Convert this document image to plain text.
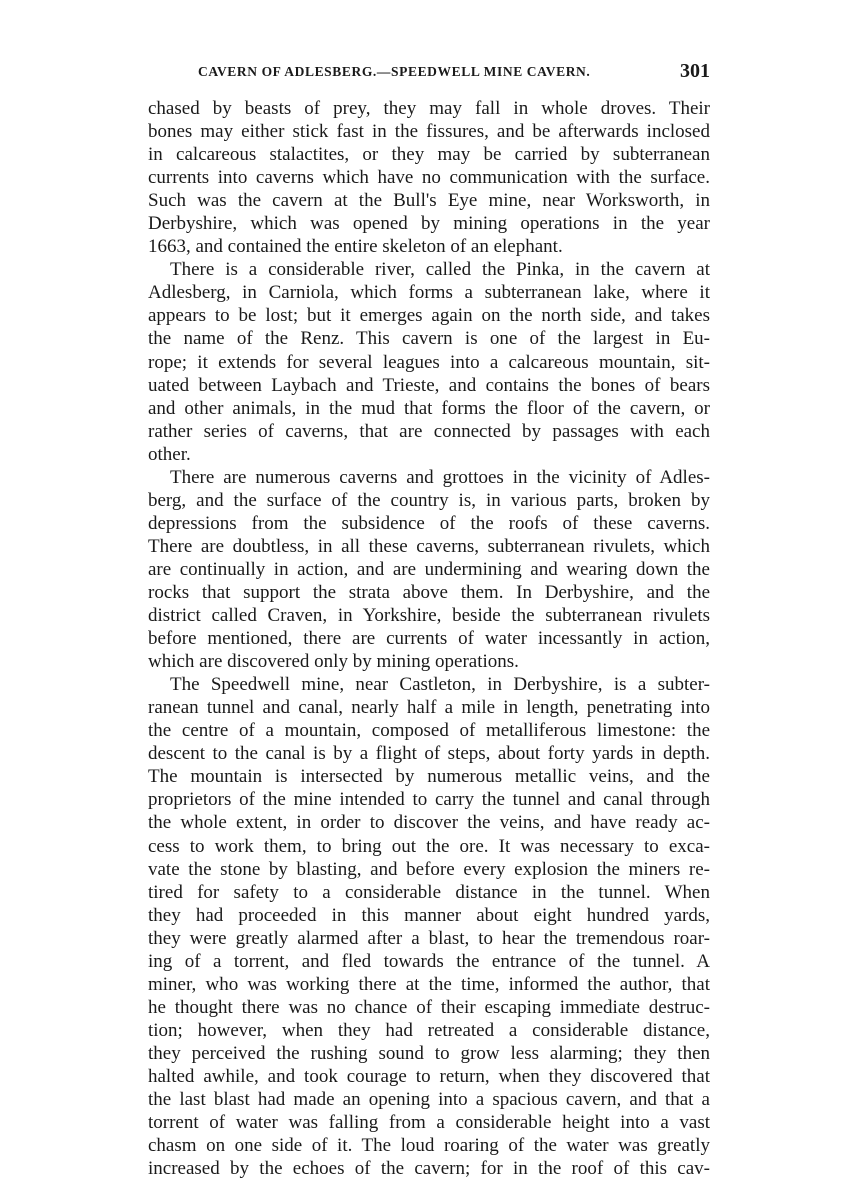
CAVERN OF ADLESBERG.—SPEEDWELL MINE CAVERN.	301
chased by beasts of prey, they may fall in whole droves. Their
bones may either stick fast in the fissures, and be afterwards inclosed
in calcareous stalactites, or they may be carried by subterranean
currents into caverns which have no communication with the surface.
Such was the cavern at the Bull's Eye mine, near Worksworth, in
Derbyshire, which was opened by mining operations in the year
1663, and contained the entire skeleton of an elephant.
There is a considerable river, called the Pinka, in the cavern at
Adlesberg, in Carniola, which forms a subterranean lake, where it
appears to be lost; but it emerges again on the north side, and takes
the name of the Renz. This cavern is one of the largest in Eu-
rope; it extends for several leagues into a calcareous mountain, sit-
uated between Laybach and Trieste, and contains the bones of bears
and other animals, in the mud that forms the floor of the cavern, or
rather series of caverns, that are connected by passages with each
other.
There are numerous caverns and grottoes in the vicinity of Adles-
berg, and the surface of the country is, in various parts, broken by
depressions from the subsidence of the roofs of these caverns.
There are doubtless, in all these caverns, subterranean rivulets, which
are continually in action, and are undermining and wearing down the
rocks that support the strata above them. In Derbyshire, and the
district called Craven, in Yorkshire, beside the subterranean rivulets
before mentioned, there are currents of water incessantly in action,
which are discovered only by mining operations.
The Speedwell mine, near Castleton, in Derbyshire, is a subter-
ranean tunnel and canal, nearly half a mile in length, penetrating into
the centre of a mountain, composed of metalliferous limestone: the
descent to the canal is by a flight of steps, about forty yards in depth.
The mountain is intersected by numerous metallic veins, and the
proprietors of the mine intended to carry the tunnel and canal through
the whole extent, in order to discover the veins, and have ready ac-
cess to work them, to bring out the ore. It was necessary to exca-
vate the stone by blasting, and before every explosion the miners re-
tired for safety to a considerable distance in the tunnel. When
they had proceeded in this manner about eight hundred yards,
they were greatly alarmed after a blast, to hear the tremendous roar-
ing of a torrent, and fled towards the entrance of the tunnel. A
miner, who was working there at the time, informed the author, that
he thought there was no chance of their escaping immediate destruc-
tion; however, when they had retreated a considerable distance,
they perceived the rushing sound to grow less alarming; they then
halted awhile, and took courage to return, when they discovered that
the last blast had made an opening into a spacious cavern, and that a
torrent of water was falling from a considerable height into a vast
chasm on one side of it. The loud roaring of the water was greatly
increased by the echoes of the cavern; for in the roof of this cav-
